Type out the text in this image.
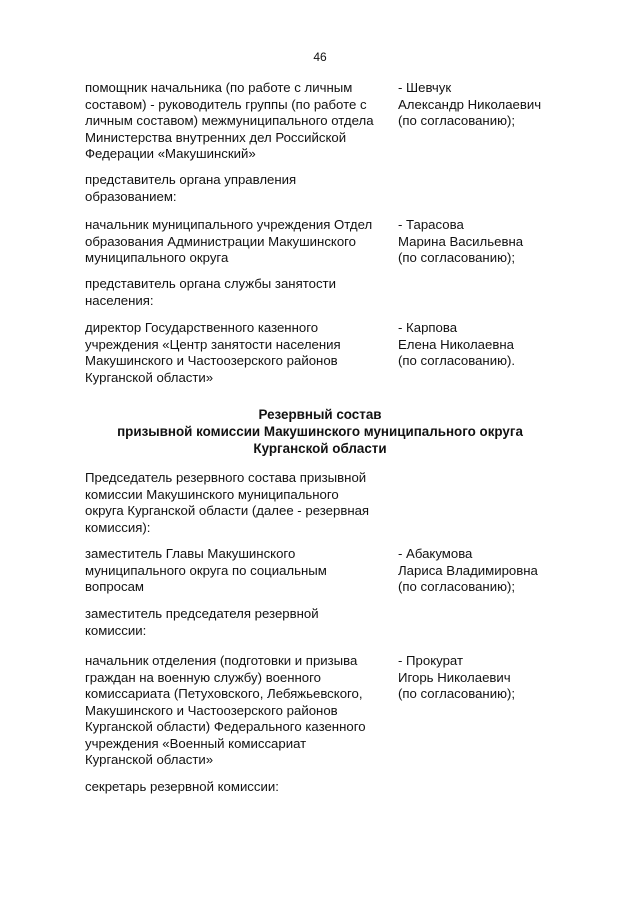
46
помощник начальника (по работе с личным
составом) - руководитель группы (по работе с
личным составом) межмуниципального отдела
Министерства внутренних дел Российской
Федерации «Макушинский»
- Шевчук
Александр Николаевич
(по согласованию);
представитель органа управления
образованием:
начальник муниципального учреждения Отдел
образования Администрации Макушинского
муниципального округа
- Тарасова
Марина Васильевна
(по согласованию);
представитель органа службы занятости
населения:
директор Государственного казенного
учреждения «Центр занятости населения
Макушинского и Частоозерского районов
Курганской области»
- Карпова
Елена Николаевна
(по согласованию).
Резервный состав
призывной комиссии Макушинского муниципального округа
Курганской области
Председатель резервного состава призывной
комиссии Макушинского муниципального
округа Курганской области (далее - резервная
комиссия):
заместитель Главы Макушинского
муниципального округа по социальным
вопросам
- Абакумова
Лариса Владимировна
(по согласованию);
заместитель председателя резервной
комиссии:
начальник отделения (подготовки и призыва
граждан на военную службу) военного
комиссариата (Петуховского, Лебяжьевского,
Макушинского и Частоозерского районов
Курганской области) Федерального казенного
учреждения «Военный комиссариат
Курганской области»
- Прокурат
Игорь Николаевич
(по согласованию);
секретарь резервной комиссии:
